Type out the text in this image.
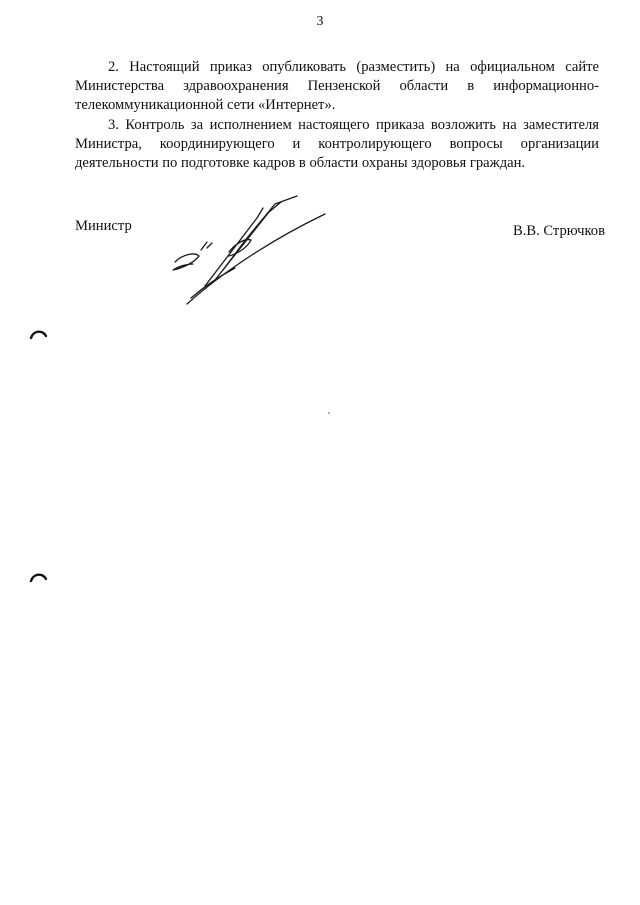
3

2. Настоящий приказ опубликовать (разместить) на официальном сайте Министерства здравоохранения Пензенской области в информационно-телекоммуникационной сети «Интернет».

3. Контроль за исполнением настоящего приказа возложить на заместителя Министра, координирующего и контролирующего вопросы организации деятельности по подготовке кадров в области охраны здоровья граждан.

Министр	В.В. Стрючков
